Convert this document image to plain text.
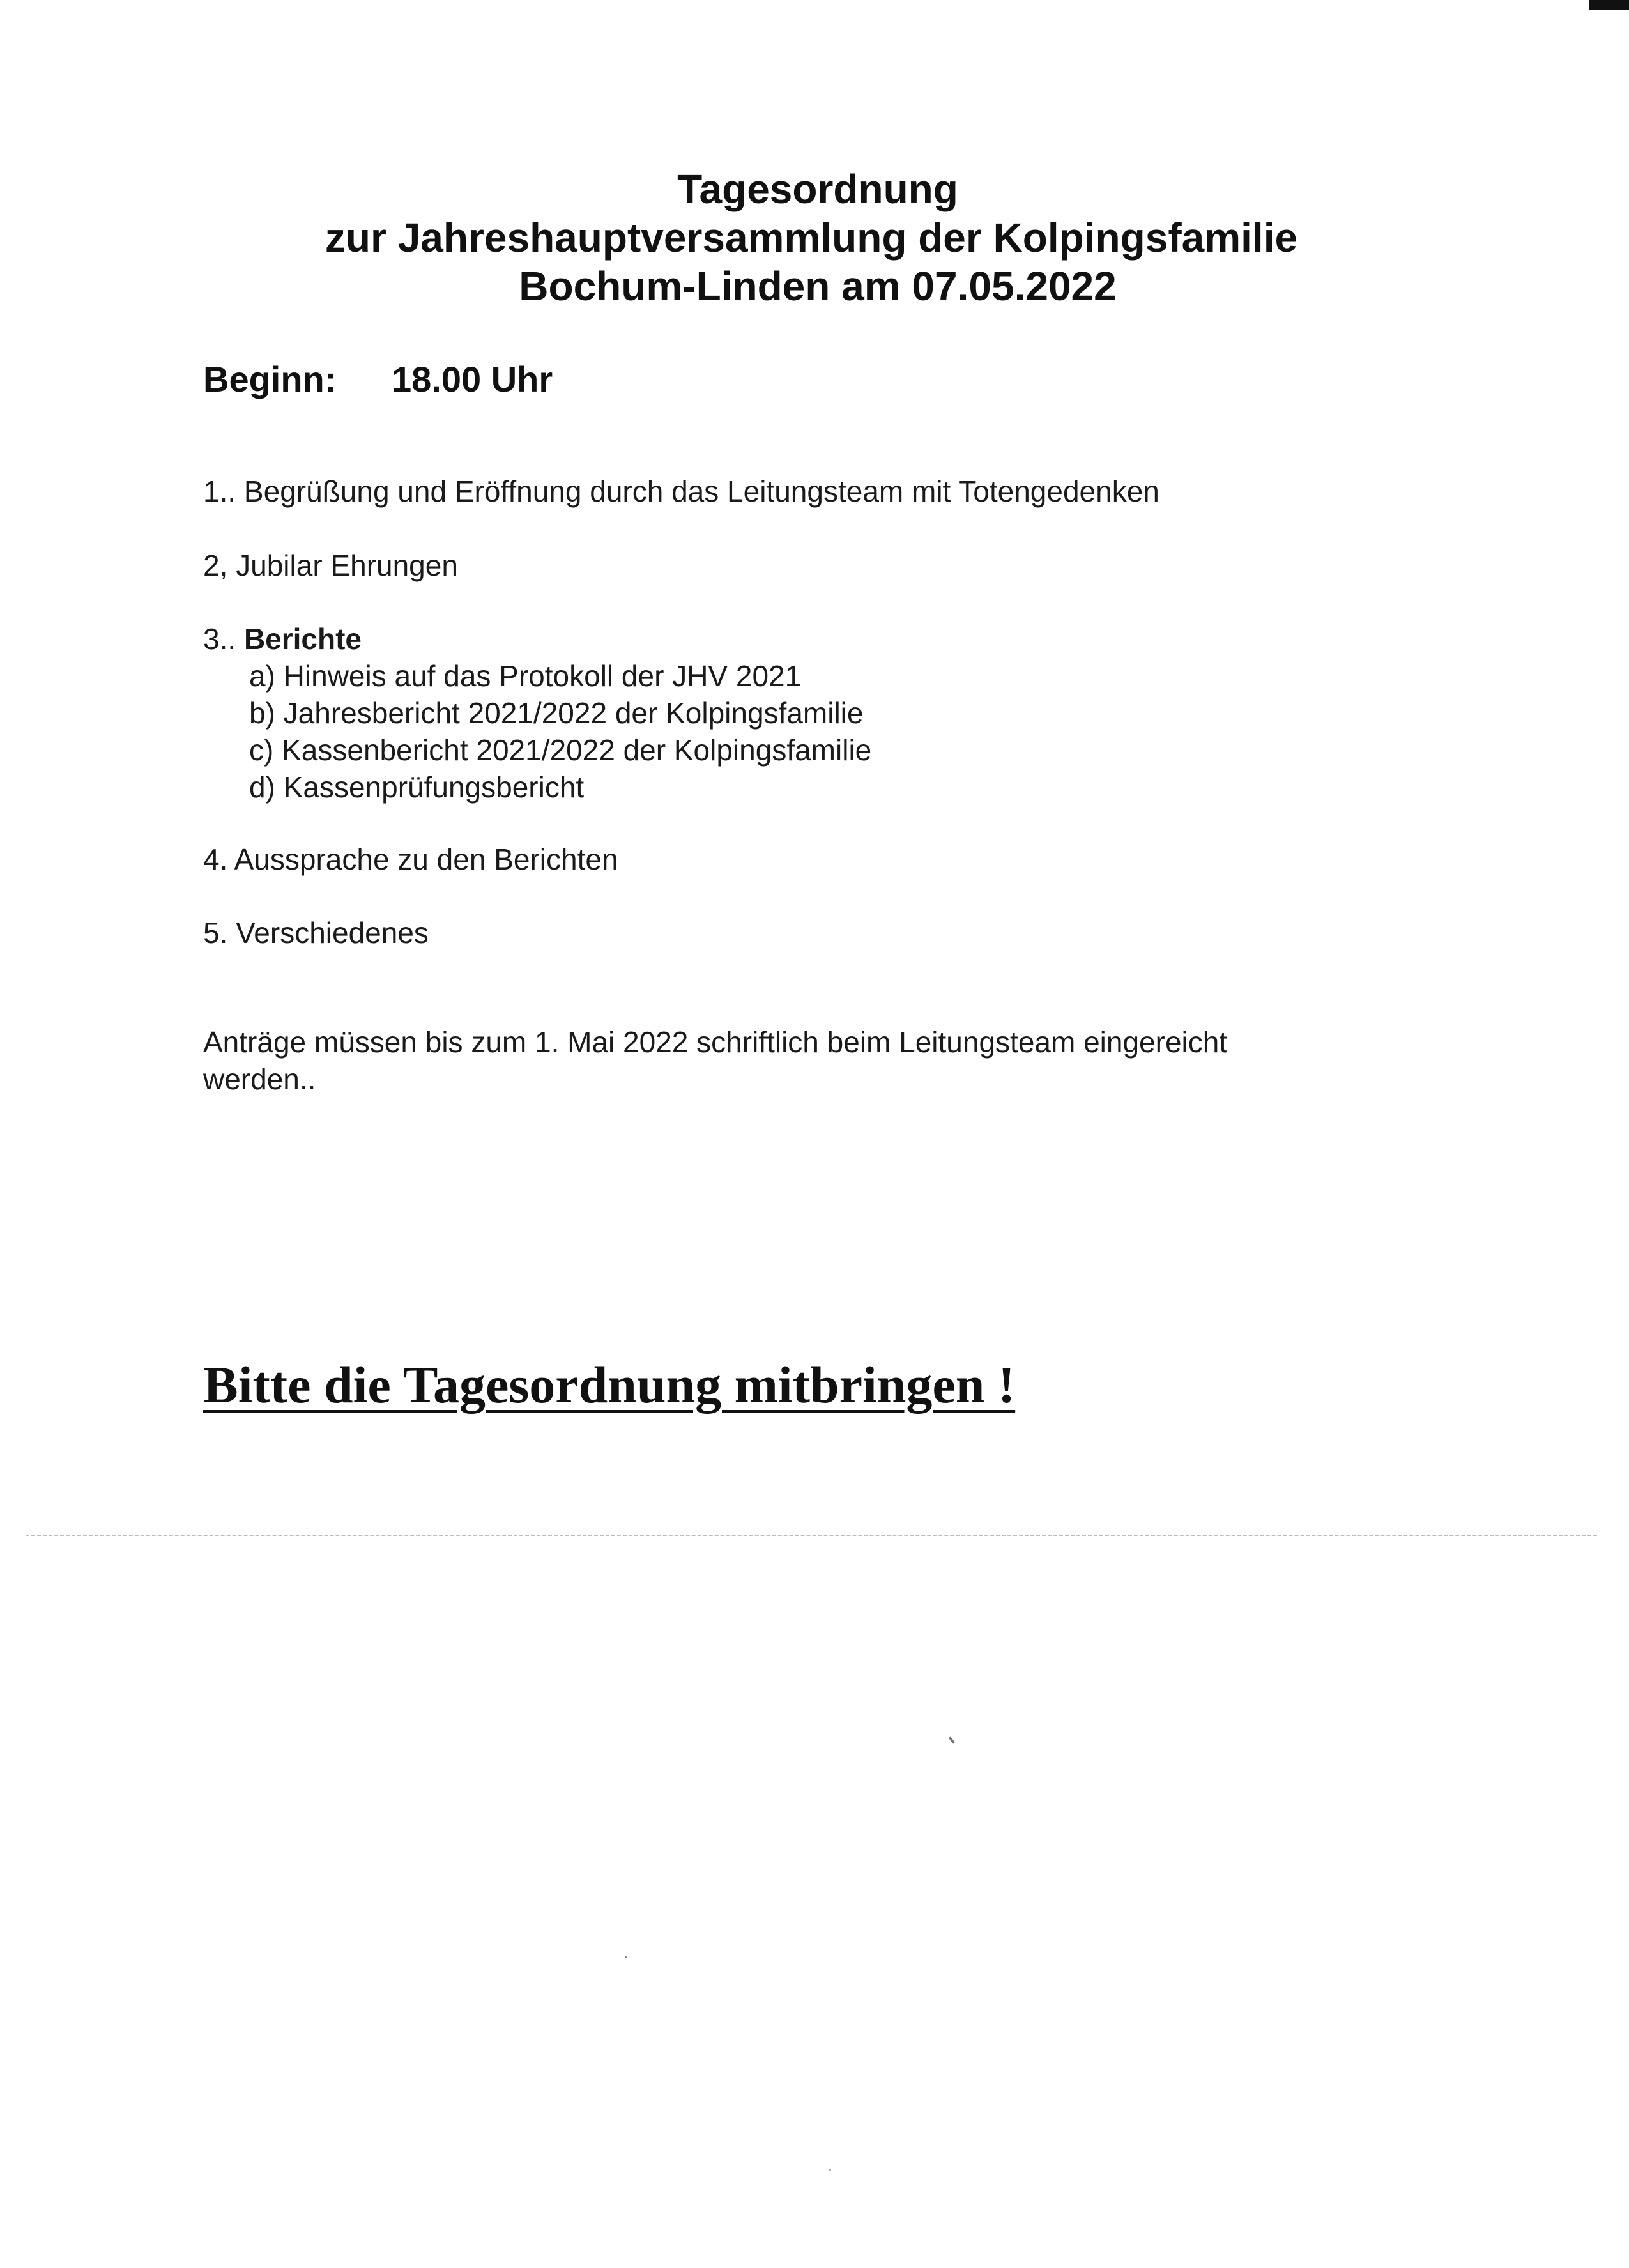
Tagesordnung
zur Jahreshauptversammlung der Kolpingsfamilie
Bochum-Linden am 07.05.2022
Beginn: 18.00 Uhr
1.. Begrüßung und Eröffnung durch das Leitungsteam mit Totengedenken
2, Jubilar Ehrungen
3.. Berichte
a) Hinweis auf das Protokoll der JHV 2021
b) Jahresbericht 2021/2022 der Kolpingsfamilie
c) Kassenbericht 2021/2022 der Kolpingsfamilie
d) Kassenprüfungsbericht
4. Aussprache zu den Berichten
5. Verschiedenes
Anträge müssen bis zum 1. Mai 2022 schriftlich beim Leitungsteam eingereicht
werden..
Bitte die Tagesordnung mitbringen !
